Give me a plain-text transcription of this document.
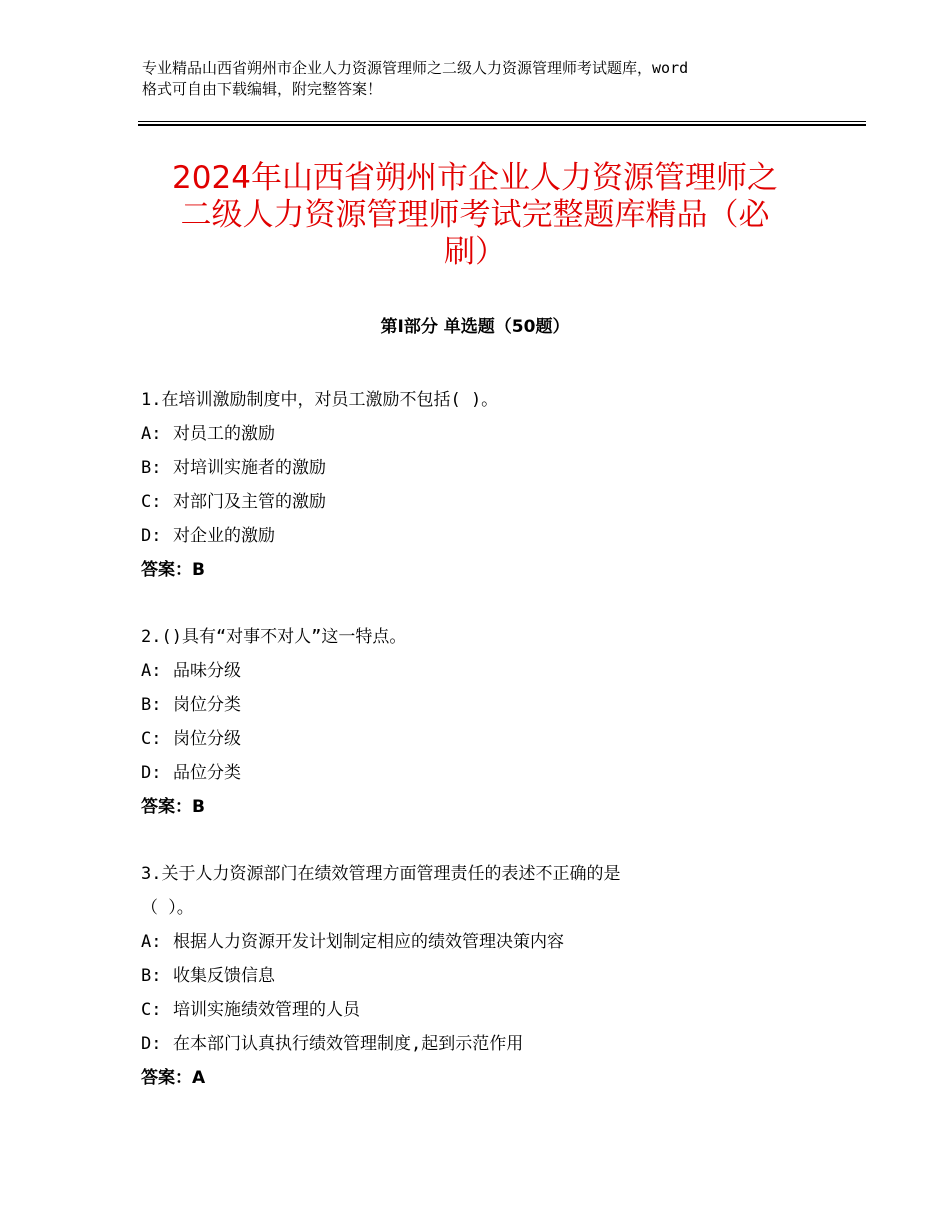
专业精品山西省朔州市企业人力资源管理师之二级人力资源管理师考试题库，word
格式可自由下载编辑，附完整答案！
2024年山西省朔州市企业人力资源管理师之
二级人力资源管理师考试完整题库精品（必
刷）
第Ⅰ部分 单选题（50题）

1.在培训激励制度中，对员工激励不包括( )。

A: 对员工的激励

B: 对培训实施者的激励

C: 对部门及主管的激励

D: 对企业的激励

答案：B

2.()具有“对事不对人”这一特点。

A: 品味分级

B: 岗位分类

C: 岗位分级

D: 品位分类

答案：B

3.关于人力资源部门在绩效管理方面管理责任的表述不正确的是

（ ）。

A: 根据人力资源开发计划制定相应的绩效管理决策内容

B: 收集反馈信息

C: 培训实施绩效管理的人员

D: 在本部门认真执行绩效管理制度,起到示范作用

答案：A
